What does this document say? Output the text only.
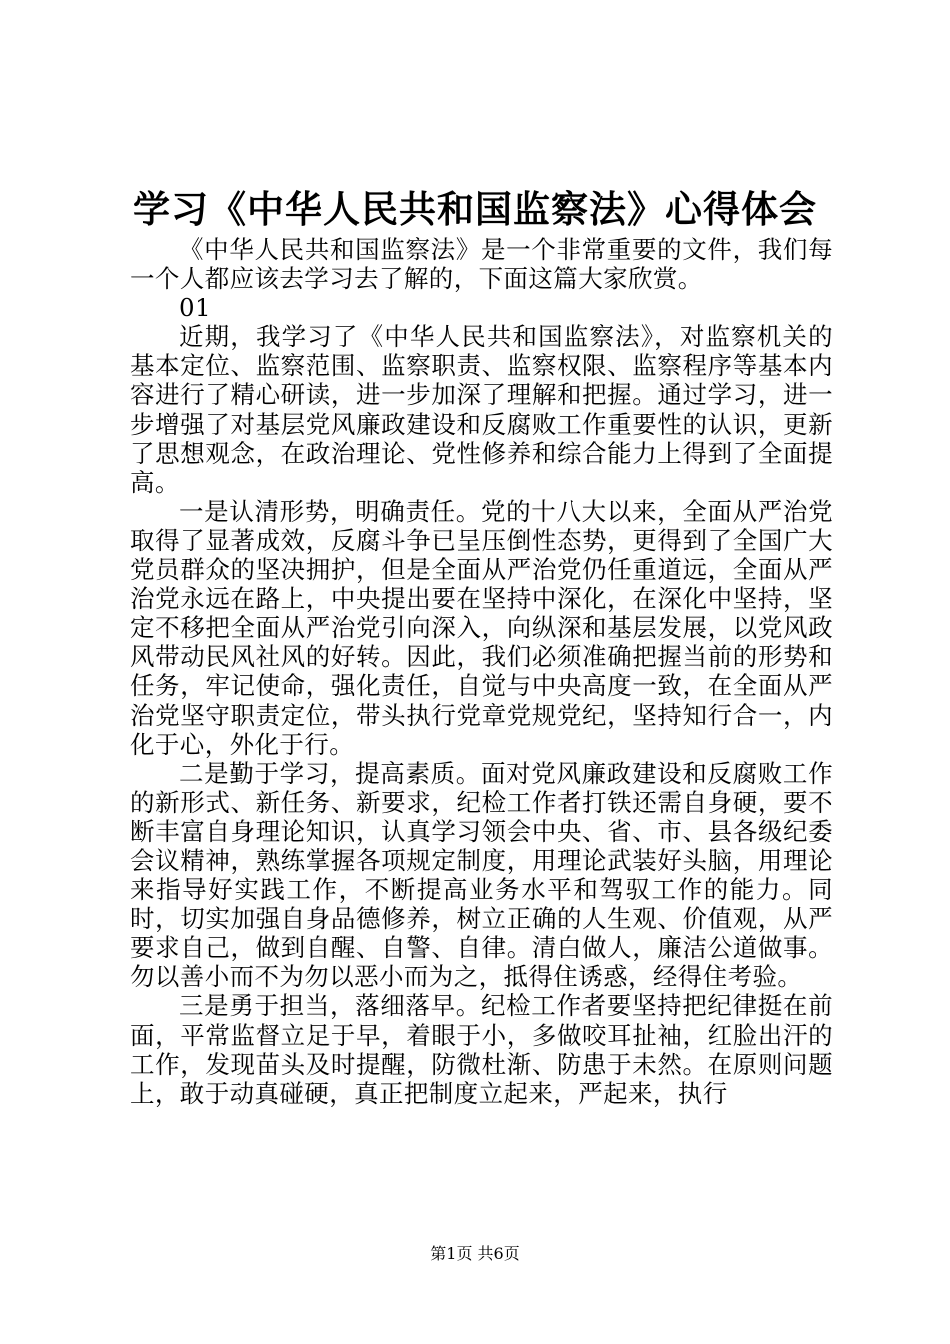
学习《中华人民共和国监察法》心得体会

《中华人民共和国监察法》是一个非常重要的文件，我们每一个人都应该去学习去了解的，下面这篇大家欣赏。

01

近期，我学习了《中华人民共和国监察法》，对监察机关的基本定位、监察范围、监察职责、监察权限、监察程序等基本内容进行了精心研读，进一步加深了理解和把握。通过学习，进一步增强了对基层党风廉政建设和反腐败工作重要性的认识，更新了思想观念，在政治理论、党性修养和综合能力上得到了全面提高。

一是认清形势，明确责任。党的十八大以来，全面从严治党取得了显著成效，反腐斗争已呈压倒性态势，更得到了全国广大党员群众的坚决拥护，但是全面从严治党仍任重道远，全面从严治党永远在路上，中央提出要在坚持中深化，在深化中坚持，坚定不移把全面从严治党引向深入，向纵深和基层发展，以党风政风带动民风社风的好转。因此，我们必须准确把握当前的形势和任务，牢记使命，强化责任，自觉与中央高度一致，在全面从严治党坚守职责定位，带头执行党章党规党纪，坚持知行合一，内化于心，外化于行。

二是勤于学习，提高素质。面对党风廉政建设和反腐败工作的新形式、新任务、新要求，纪检工作者打铁还需自身硬，要不断丰富自身理论知识，认真学习领会中央、省、市、县各级纪委会议精神，熟练掌握各项规定制度，用理论武装好头脑，用理论来指导好实践工作，不断提高业务水平和驾驭工作的能力。同时，切实加强自身品德修养，树立正确的人生观、价值观，从严要求自己，做到自醒、自警、自律。清白做人，廉洁公道做事。勿以善小而不为勿以恶小而为之，抵得住诱惑，经得住考验。

三是勇于担当，落细落早。纪检工作者要坚持把纪律挺在前面，平常监督立足于早，着眼于小，多做咬耳扯袖，红脸出汗的工作，发现苗头及时提醒，防微杜渐、防患于未然。在原则问题上，敢于动真碰硬，真正把制度立起来，严起来，执行

第1页 共6页
